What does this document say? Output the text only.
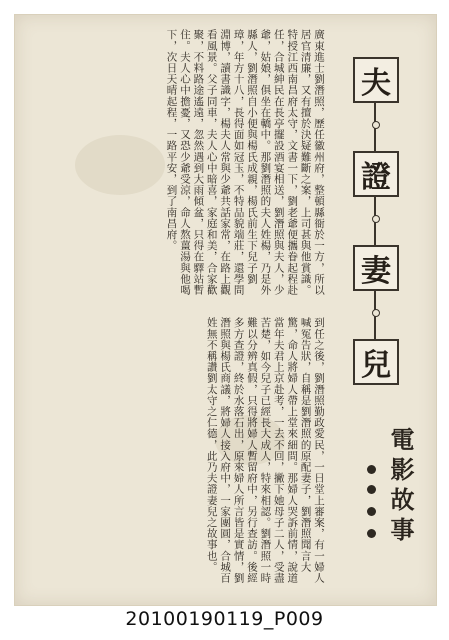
廣東進士劉潛照，歷任徽州府，整頓縣衙於一方，所以居官清廉，又有擅於決疑難斷之案，上司甚與他賞識。特授江西南昌府太守，文書一下，劉老爺便攜眷起程赴任，合城紳民在長亭擺設酒宴相送，劉潛照與夫人，少爺，姑娘，俱坐在轎中。那劉潛照的夫人姓楊，乃是外縣人，劉潛照自小便與楊氏成親，楊氏前生下兒子劉璋，年方十八，長得面如冠玉，不特品貌端莊，還學問淵博，讀書識字，楊夫人常與少爺共話家常，在路上觀看風景。父子同車，夫人心中暗喜，家庭和美，合家歡聚，不料路途遙遠，忽然遇到大雨傾盆，只得在驛站暫住。夫人心中擔憂，又恐少爺受涼，命人熬薑湯與他喝下，次日天晴起程，一路平安，到了南昌府。
到任之後，劉潛照勤政愛民，一日堂上審案，有一婦人喊冤告狀，自稱是劉潛照的原配妻子，劉潛照聞言大驚，命人將婦人帶上堂來細問。那婦人哭訴前情，說道當年夫君上京赴考，一去不回，撇下她母子二人，受盡苦楚，如今兒子已經長大成人，特來相認。劉潛照一時難以分辨真假，只得將婦人暫留府中，另行查訪。後經多方查證，終於水落石出，原來婦人所言皆是實情，劉潛照與楊氏商議，將婦人接入府中，一家團圓，合城百姓無不稱讚劉太守之仁德，此乃夫證妻兒之故事也。
夫
證
妻
兒
電影故事
20100190119_P009
